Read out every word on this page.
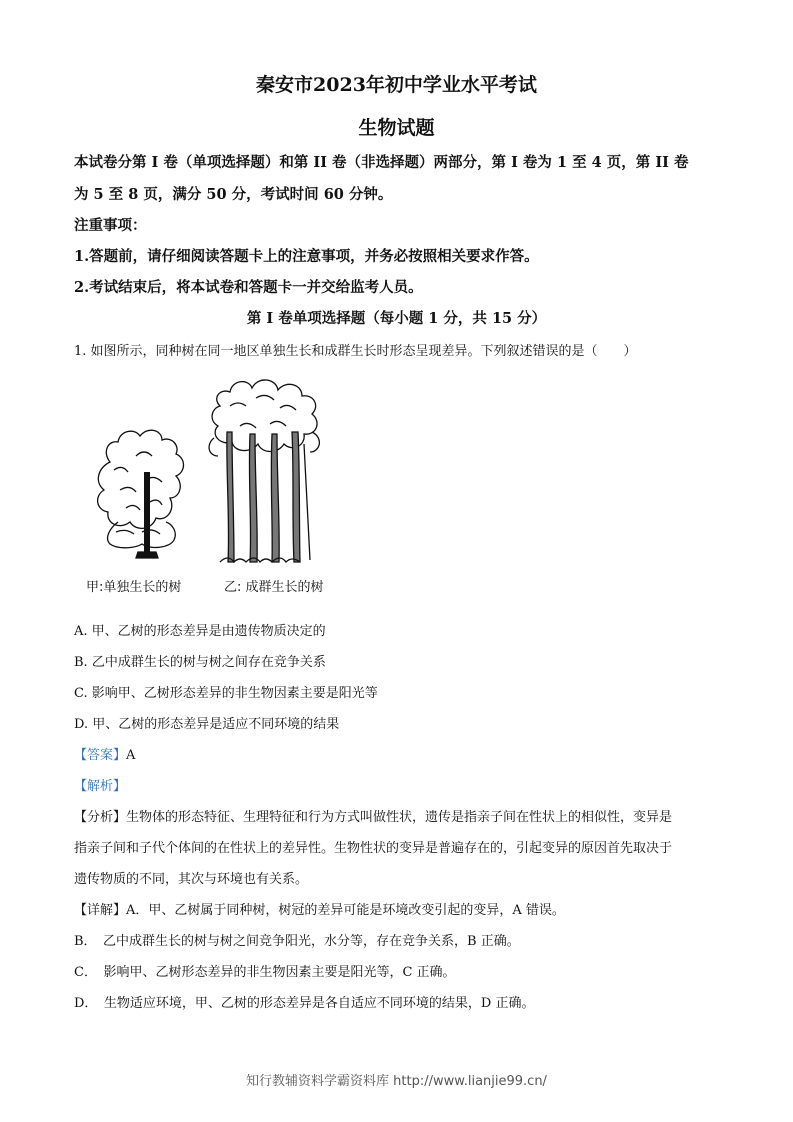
秦安市2023年初中学业水平考试
生物试题
本试卷分第 I 卷（单项选择题）和第 II 卷（非选择题）两部分，第 I 卷为 1 至 4 页，第 II 卷
为 5 至 8 页，满分 50 分，考试时间 60 分钟。
注重事项：
1.答题前，请仔细阅读答题卡上的注意事项，并务必按照相关要求作答。
2.考试结束后，将本试卷和答题卡一并交给监考人员。
第 I 卷单项选择题（每小题 1 分，共 15 分）
1. 如图所示，同种树在同一地区单独生长和成群生长时形态呈现差异。下列叙述错误的是（　　）
甲:单独生长的树	乙: 成群生长的树
A. 甲、乙树的形态差异是由遗传物质决定的
B. 乙中成群生长的树与树之间存在竞争关系
C. 影响甲、乙树形态差异的非生物因素主要是阳光等
D. 甲、乙树的形态差异是适应不同环境的结果
【答案】A
【解析】
【分析】生物体的形态特征、生理特征和行为方式叫做性状，遗传是指亲子间在性状上的相似性，变异是
指亲子间和子代个体间的在性状上的差异性。生物性状的变异是普遍存在的，引起变异的原因首先取决于
遗传物质的不同，其次与环境也有关系。
【详解】A．甲、乙树属于同种树，树冠的差异可能是环境改变引起的变异，A 错误。
B．　乙中成群生长的树与树之间竞争阳光，水分等，存在竞争关系，B 正确。
C．　影响甲、乙树形态差异的非生物因素主要是阳光等，C 正确。
D．　生物适应环境，甲、乙树的形态差异是各自适应不同环境的结果，D 正确。
知行教辅资料学霸资料库 http://www.lianjie99.cn/
